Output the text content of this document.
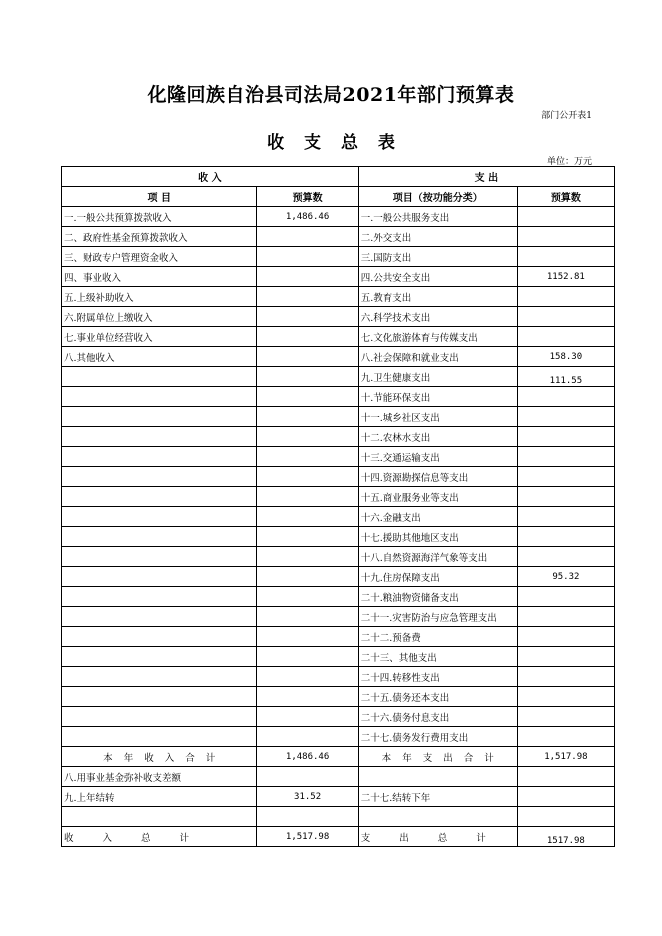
化隆回族自治县司法局2021年部门预算表
部门公开表1
收 支 总 表
单位：万元
收 入		支 出	
项 目	预算数	项目（按功能分类）	预算数
一.一般公共预算拨款收入	1,486.46	一.一般公共服务支出	
二、政府性基金预算拨款收入		二.外交支出	
三、财政专户管理资金收入		三.国防支出	
四、事业收入		四.公共安全支出	1152.81
五.上级补助收入		五.教育支出	
六.附属单位上缴收入		六.科学技术支出	
七.事业单位经营收入		七.文化旅游体育与传媒支出	
八.其他收入		八.社会保障和就业支出	158.30
		九.卫生健康支出	111.55
		十.节能环保支出	
		十一.城乡社区支出	
		十二.农林水支出	
		十三.交通运输支出	
		十四.资源勘探信息等支出	
		十五.商业服务业等支出	
		十六.金融支出	
		十七.援助其他地区支出	
		十八.自然资源海洋气象等支出	
		十九.住房保障支出	95.32
		二十.粮油物资储备支出	
		二十一.灾害防治与应急管理支出	
		二十二.预备费	
		二十三、其他支出	
		二十四.转移性支出	
		二十五.债务还本支出	
		二十六.债务付息支出	
		二十七.债务发行费用支出	
本 年 收 入 合 计	1,486.46	本 年 支 出 合 计	1,517.98
八.用事业基金弥补收支差额			
九.上年结转	31.52	二十七.结转下年	

收 入 总 计	1,517.98	支 出 总 计	1517.98
